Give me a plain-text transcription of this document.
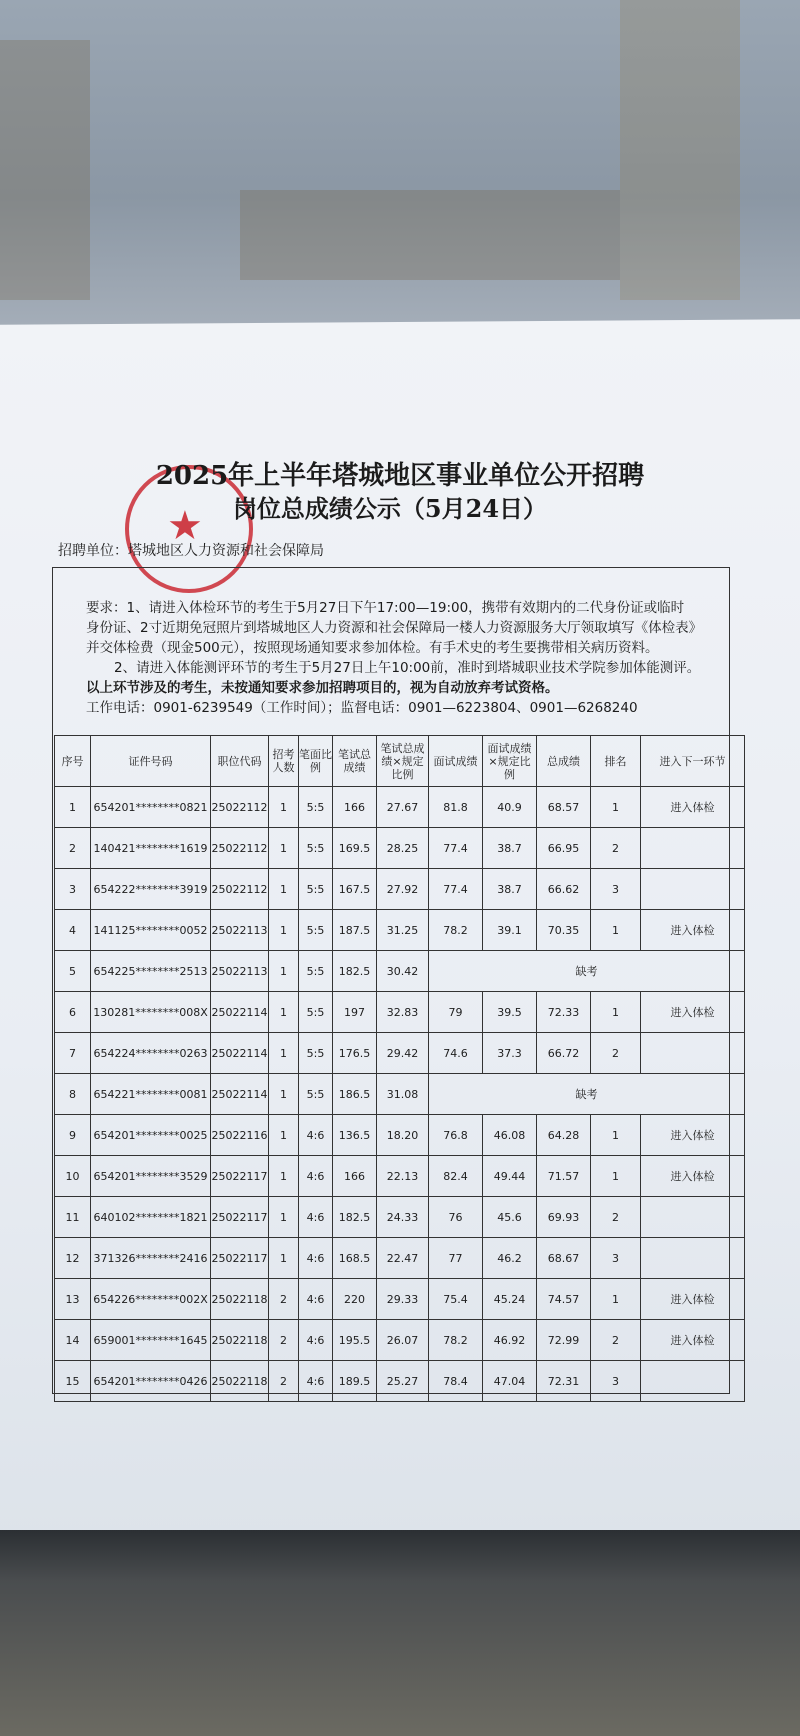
★
2025年上半年塔城地区事业单位公开招聘
岗位总成绩公示（5月24日）
招聘单位：塔城地区人力资源和社会保障局

要求：1、请进入体检环节的考生于5月27日下午17:00—19:00，携带有效期内的二代身份证或临时

身份证、2寸近期免冠照片到塔城地区人力资源和社会保障局一楼人力资源服务大厅领取填写《体检表》

并交体检费（现金500元），按照现场通知要求参加体检。有手术史的考生要携带相关病历资料。

2、请进入体能测评环节的考生于5月27日上午10:00前，准时到塔城职业技术学院参加体能测评。

以上环节涉及的考生，未按通知要求参加招聘项目的，视为自动放弃考试资格。

工作电话：0901-6239549（工作时间）；监督电话：0901—6223804、0901—6268240

序号	证件号码	职位代码	招考人数	笔面比例	笔试总成绩	笔试总成绩×规定比例	面试成绩	面试成绩×规定比例	总成绩	排名	进入下一环节
1	654201********0821	25022112	1	5:5	166	27.67	81.8	40.9	68.57	1	进入体检
2	140421********1619	25022112	1	5:5	169.5	28.25	77.4	38.7	66.95	2	
3	654222********3919	25022112	1	5:5	167.5	27.92	77.4	38.7	66.62	3	
4	141125********0052	25022113	1	5:5	187.5	31.25	78.2	39.1	70.35	1	进入体检
5	654225********2513	25022113	1	5:5	182.5	30.42	缺考				
6	130281********008X	25022114	1	5:5	197	32.83	79	39.5	72.33	1	进入体检
7	654224********0263	25022114	1	5:5	176.5	29.42	74.6	37.3	66.72	2	
8	654221********0081	25022114	1	5:5	186.5	31.08	缺考				
9	654201********0025	25022116	1	4:6	136.5	18.20	76.8	46.08	64.28	1	进入体检
10	654201********3529	25022117	1	4:6	166	22.13	82.4	49.44	71.57	1	进入体检
11	640102********1821	25022117	1	4:6	182.5	24.33	76	45.6	69.93	2	
12	371326********2416	25022117	1	4:6	168.5	22.47	77	46.2	68.67	3	
13	654226********002X	25022118	2	4:6	220	29.33	75.4	45.24	74.57	1	进入体检
14	659001********1645	25022118	2	4:6	195.5	26.07	78.2	46.92	72.99	2	进入体检
15	654201********0426	25022118	2	4:6	189.5	25.27	78.4	47.04	72.31	3	
